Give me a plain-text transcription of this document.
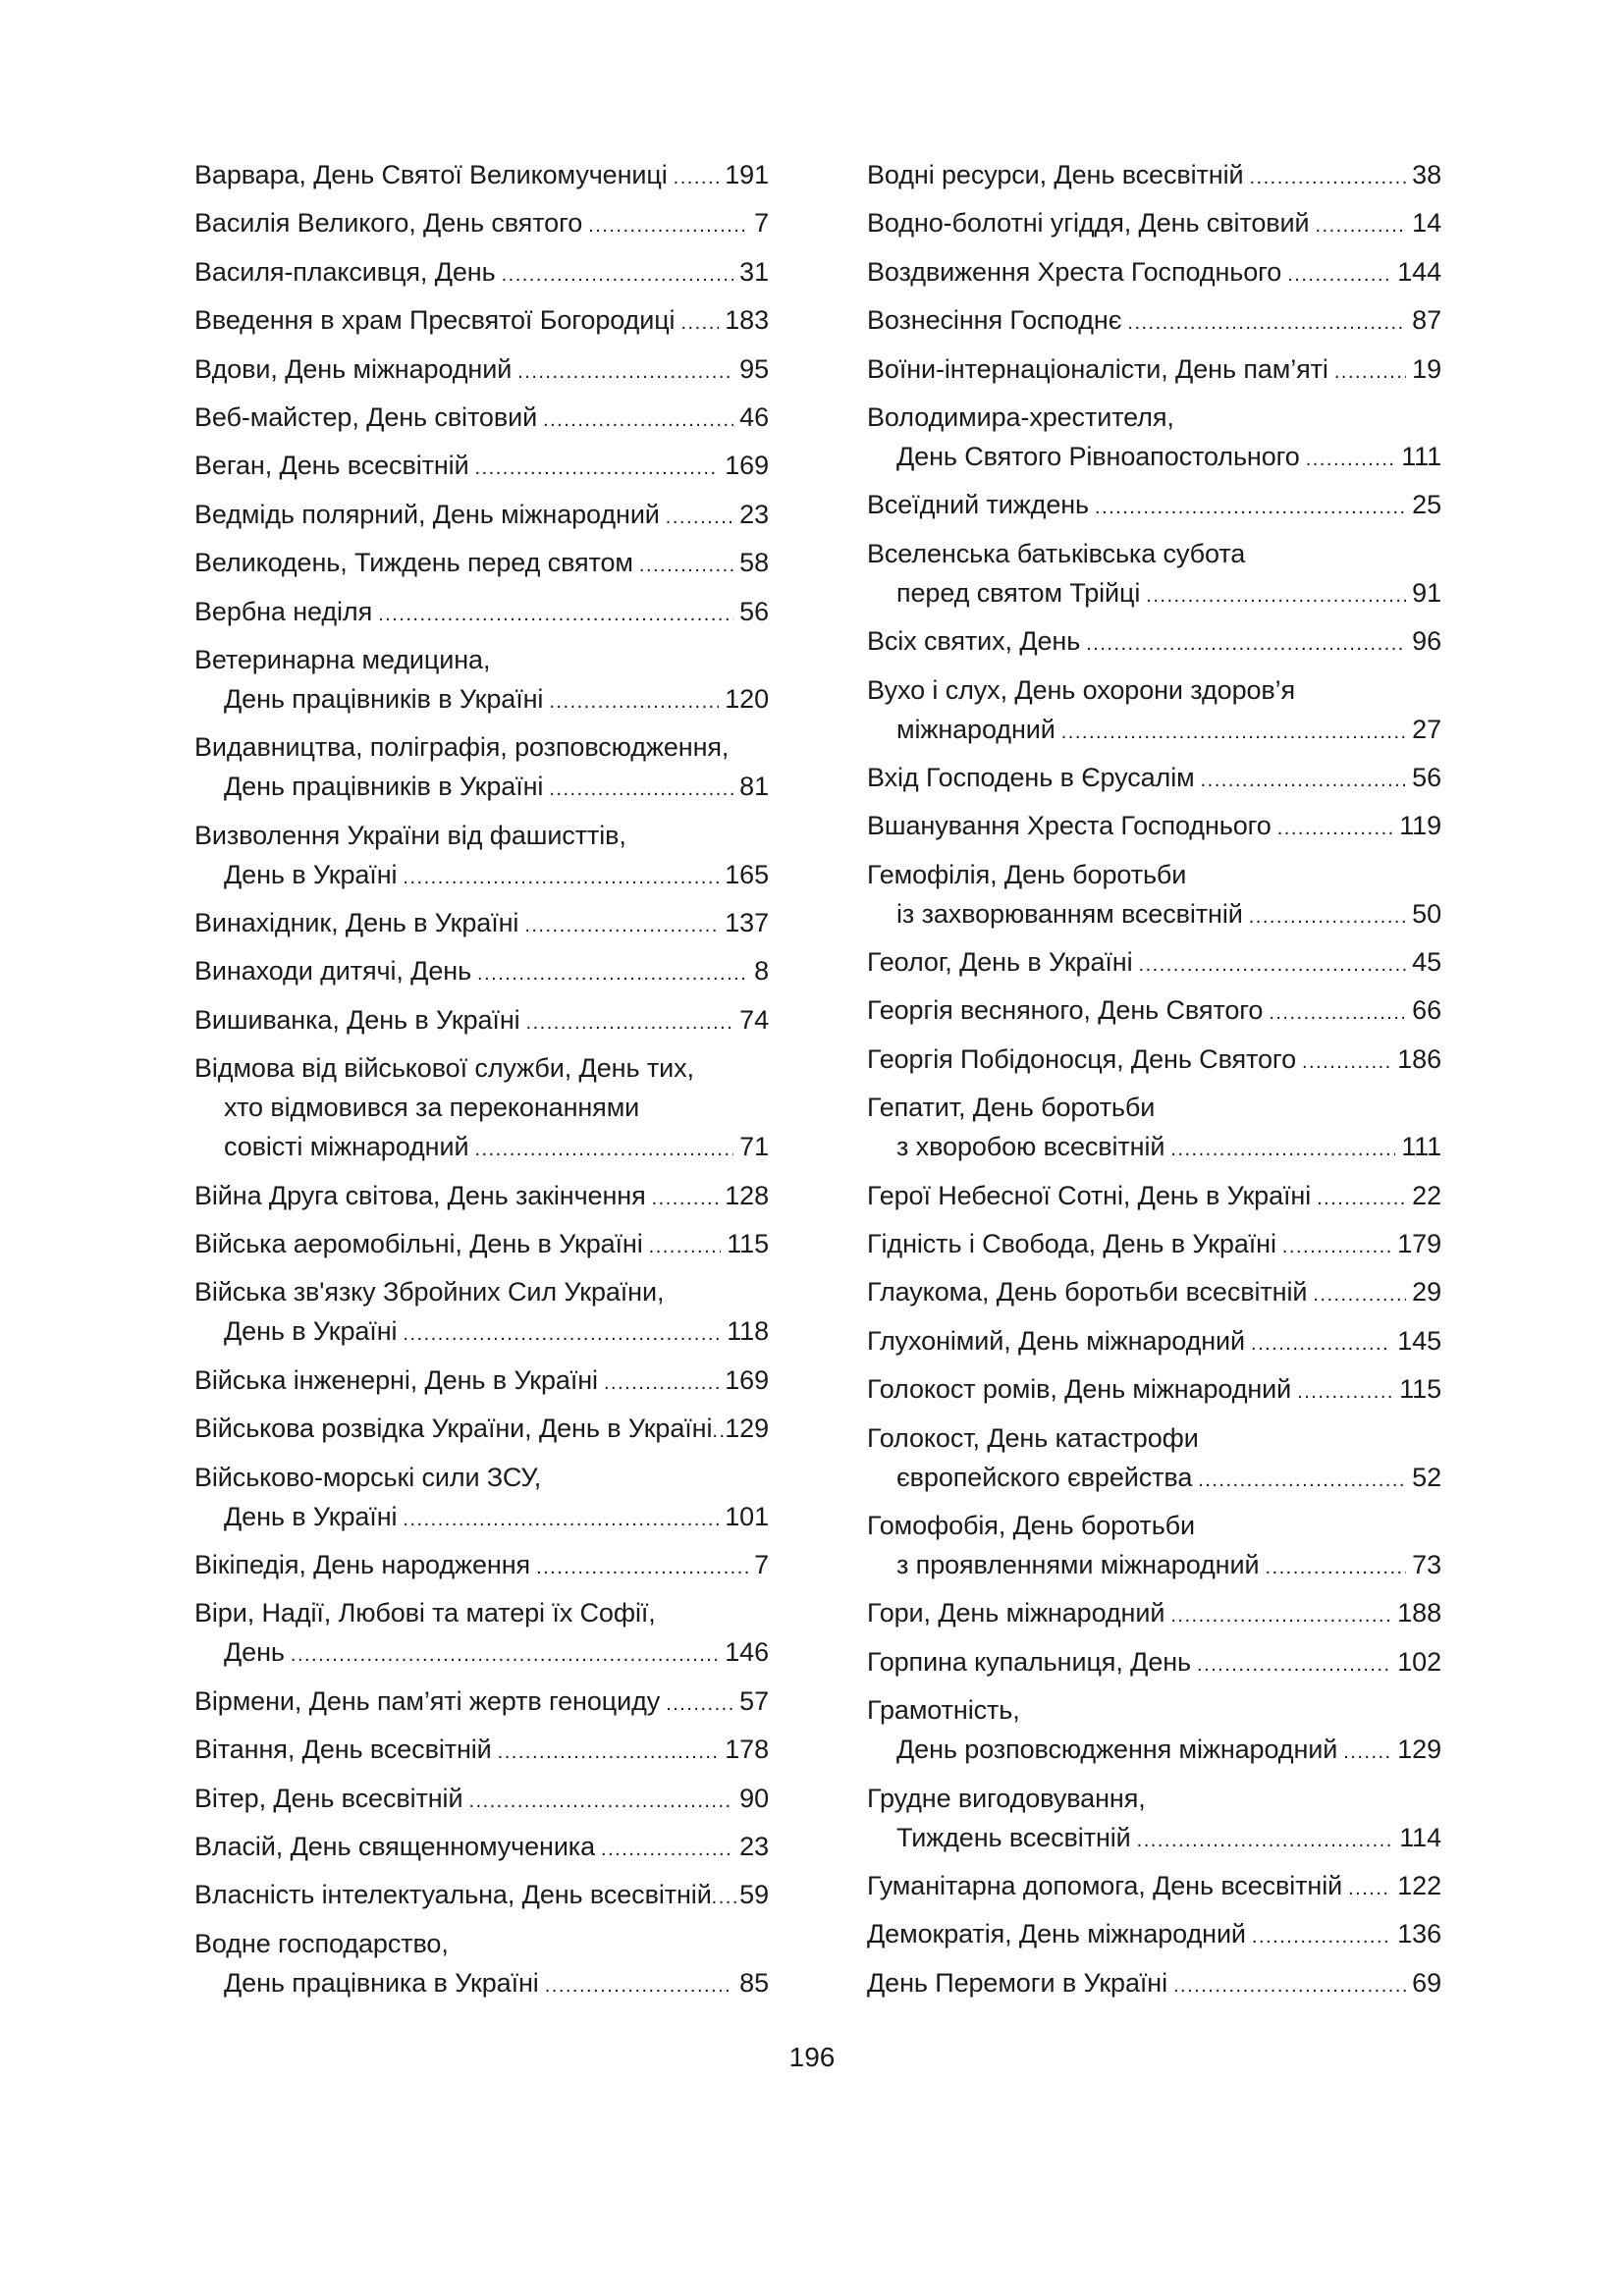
Варвара, День Святої Великомучениці ..... 191
Василія Великого, День святого .....	7
Василя-плаксивця, День .....	31
Введення в храм Пресвятої Богородиці ..... 183
Вдови, День міжнародний .....	95
Веб-майстер, День світовий .....	46
Веган, День всесвітній .....	169
Ведмідь полярний, День міжнародний .....	23
Великодень, Тиждень перед святом .....	58
Вербна неділя .....	56
Ветеринарна медицина,
День працівників в Україні .....	120
Видавництва, поліграфія, розповсюдження,
День працівників в Україні .....	81
Визволення України від фашисттів,
День в Україні .....	165
Винахідник, День в Україні .....	137
Винаходи дитячі, День .....	8
Вишиванка, День в Україні .....	74
Відмова від військової служби, День тих,
хто відмовився за переконаннями
совісті міжнародний .....	71
Війна Друга світова, День закінчення .....	128
Війська аеромобільні, День в Україні .....	115
Війська зв'язку Збройних Сил України,
День в Україні .....	118
Війська інженерні, День в Україні .....	169
Військова розвідка України, День в Україні ..... 129
Військово-морські сили ЗСУ,
День в Україні .....	101
Вікіпедія, День народження .....	7
Віри, Надії, Любові та матері їх Софії,
День .....	146
Вірмени, День пам’яті жертв геноциду .....	57
Вітання, День всесвітній .....	178
Вітер, День всесвітній .....	90
Власій, День священномученика .....	23
Власність інтелектуальна, День всесвітній ..... 59
Водне господарство,
День працівника в Україні .....	85
Водні ресурси, День всесвітній .....	38
Водно-болотні угіддя, День світовий .....	14
Воздвиження Хреста Господнього .....	144
Вознесіння Господнє .....	87
Воїни-інтернаціоналісти, День пам’яті .....	19
Володимира-хрестителя,
День Святого Рівноапостольного .....	111
Всеїдний тиждень .....	25
Вселенська батьківська субота
перед святом Трійці .....	91
Всіх святих, День .....	96
Вухо і слух, День охорони здоров’я
міжнародний .....	27
Вхід Господень в Єрусалім .....	56
Вшанування Хреста Господнього .....	119
Гемофілія, День боротьби
із захворюванням всесвітній .....	50
Геолог, День в Україні .....	45
Георгія весняного, День Святого .....	66
Георгія Побідоносця, День Святого .....	186
Гепатит, День боротьби
з хворобою всесвітній .....	111
Герої Небесної Сотні, День в Україні .....	22
Гідність і Свобода, День в Україні .....	179
Глаукома, День боротьби всесвітній .....	29
Глухонімий, День міжнародний .....	145
Голокост ромів, День міжнародний .....	115
Голокост, День катастрофи
європейского єврейства .....	52
Гомофобія, День боротьби
з проявленнями міжнародний .....	73
Гори, День міжнародний .....	188
Горпина купальниця, День .....	102
Грамотність,
День розповсюдження міжнародний ..... 129
Грудне вигодовування,
Тиждень всесвітній .....	114
Гуманітарна допомога, День всесвітній ..... 122
Демократія, День міжнародний .....	136
День Перемоги в Україні .....	69
196
